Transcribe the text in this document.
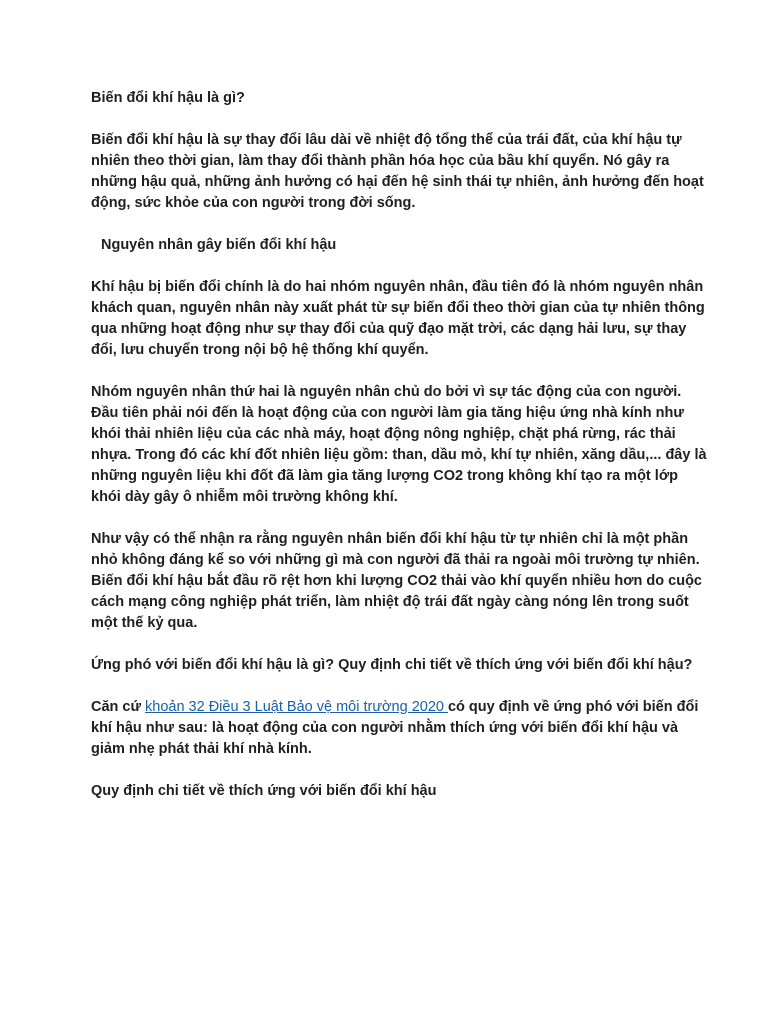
Biến đổi khí hậu là gì?

Biến đổi khí hậu là sự thay đổi lâu dài về nhiệt độ tổng thể của trái đất, của khí hậu tự nhiên theo thời gian, làm thay đổi thành phần hóa học của bầu khí quyển. Nó gây ra những hậu quả, những ảnh hưởng có hại đến hệ sinh thái tự nhiên, ảnh hưởng đến hoạt động, sức khỏe của con người trong đời sống.

Nguyên nhân gây biến đổi khí hậu

Khí hậu bị biến đổi chính là do hai nhóm nguyên nhân, đầu tiên đó là nhóm nguyên nhân khách quan, nguyên nhân này xuất phát từ sự biến đổi theo thời gian của tự nhiên thông qua những hoạt động như sự thay đổi của quỹ đạo mặt trời, các dạng hải lưu, sự thay đổi, lưu chuyển trong nội bộ hệ thống khí quyển.

Nhóm nguyên nhân thứ hai là nguyên nhân chủ do bởi vì sự tác động của con người. Đầu tiên phải nói đến là hoạt động của con người làm gia tăng hiệu ứng nhà kính như khói thải nhiên liệu của các nhà máy, hoạt động nông nghiệp, chặt phá rừng, rác thải nhựa. Trong đó các khí đốt nhiên liệu gồm: than, dầu mỏ, khí tự nhiên, xăng dầu,... đây là những nguyên liệu khi đốt đã làm gia tăng lượng CO2 trong không khí tạo ra một lớp khói dày gây ô nhiễm môi trường không khí.

Như vậy có thể nhận ra rằng nguyên nhân biến đổi khí hậu từ tự nhiên chỉ là một phần nhỏ không đáng kể so với những gì mà con người đã thải ra ngoài môi trường tự nhiên. Biến đổi khí hậu bắt đầu rõ rệt hơn khi lượng CO2 thải vào khí quyển nhiều hơn do cuộc cách mạng công nghiệp phát triển, làm nhiệt độ trái đất ngày càng nóng lên trong suốt một thế kỷ qua.

Ứng phó với biến đổi khí hậu là gì? Quy định chi tiết về thích ứng với biến đổi khí hậu?

Căn cứ khoản 32 Điều 3 Luật Bảo vệ môi trường 2020 có quy định về ứng phó với biến đổi khí hậu như sau: là hoạt động của con người nhằm thích ứng với biến đổi khí hậu và giảm nhẹ phát thải khí nhà kính.

Quy định chi tiết về thích ứng với biến đổi khí hậu
